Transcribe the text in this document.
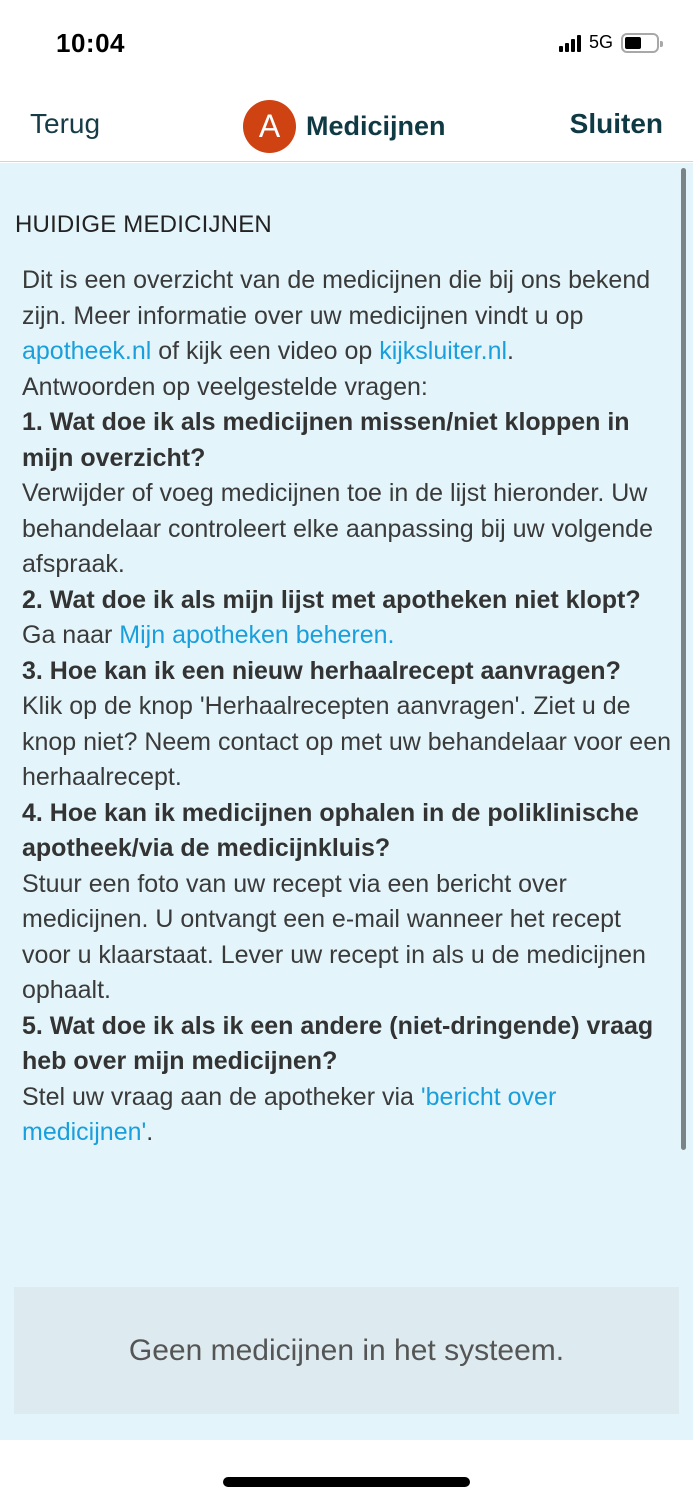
10:04	5G
Terug	A Medicijnen	Sluiten
HUIDIGE MEDICIJNEN

Dit is een overzicht van de medicijnen die bij ons bekend zijn. Meer informatie over uw medicijnen vindt u op apotheek.nl of kijk een video op kijksluiter.nl.

Antwoorden op veelgestelde vragen:

1. Wat doe ik als medicijnen missen/niet kloppen in mijn overzicht?

Verwijder of voeg medicijnen toe in de lijst hieronder. Uw behandelaar controleert elke aanpassing bij uw volgende afspraak.

2. Wat doe ik als mijn lijst met apotheken niet klopt?

Ga naar Mijn apotheken beheren.

3. Hoe kan ik een nieuw herhaalrecept aanvragen?

Klik op de knop 'Herhaalrecepten aanvragen'. Ziet u de knop niet? Neem contact op met uw behandelaar voor een herhaalrecept.

4. Hoe kan ik medicijnen ophalen in de poliklinische apotheek/via de medicijnkluis?

Stuur een foto van uw recept via een bericht over medicijnen. U ontvangt een e-mail wanneer het recept voor u klaarstaat. Lever uw recept in als u de medicijnen ophaalt.

5. Wat doe ik als ik een andere (niet-dringende) vraag heb over mijn medicijnen?

Stel uw vraag aan de apotheker via 'bericht over medicijnen'.

Geen medicijnen in het systeem.
